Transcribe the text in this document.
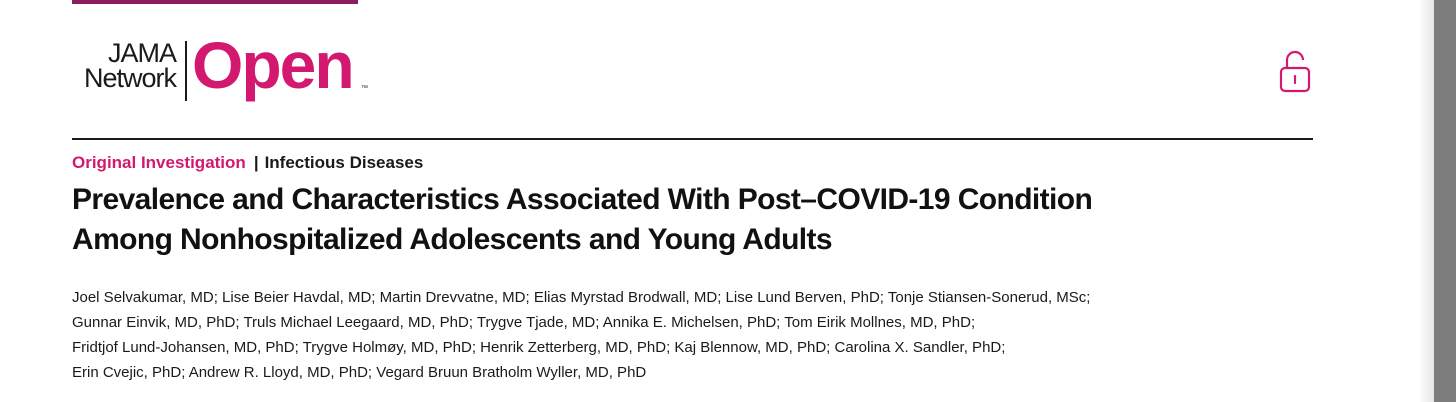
JAMA
Network Open ™
Original Investigation | Infectious Diseases
Prevalence and Characteristics Associated With Post–COVID-19 Condition
Among Nonhospitalized Adolescents and Young Adults
Joel Selvakumar, MD; Lise Beier Havdal, MD; Martin Drevvatne, MD; Elias Myrstad Brodwall, MD; Lise Lund Berven, PhD; Tonje Stiansen-Sonerud, MSc;
Gunnar Einvik, MD, PhD; Truls Michael Leegaard, MD, PhD; Trygve Tjade, MD; Annika E. Michelsen, PhD; Tom Eirik Mollnes, MD, PhD;
Fridtjof Lund-Johansen, MD, PhD; Trygve Holmøy, MD, PhD; Henrik Zetterberg, MD, PhD; Kaj Blennow, MD, PhD; Carolina X. Sandler, PhD;
Erin Cvejic, PhD; Andrew R. Lloyd, MD, PhD; Vegard Bruun Bratholm Wyller, MD, PhD
